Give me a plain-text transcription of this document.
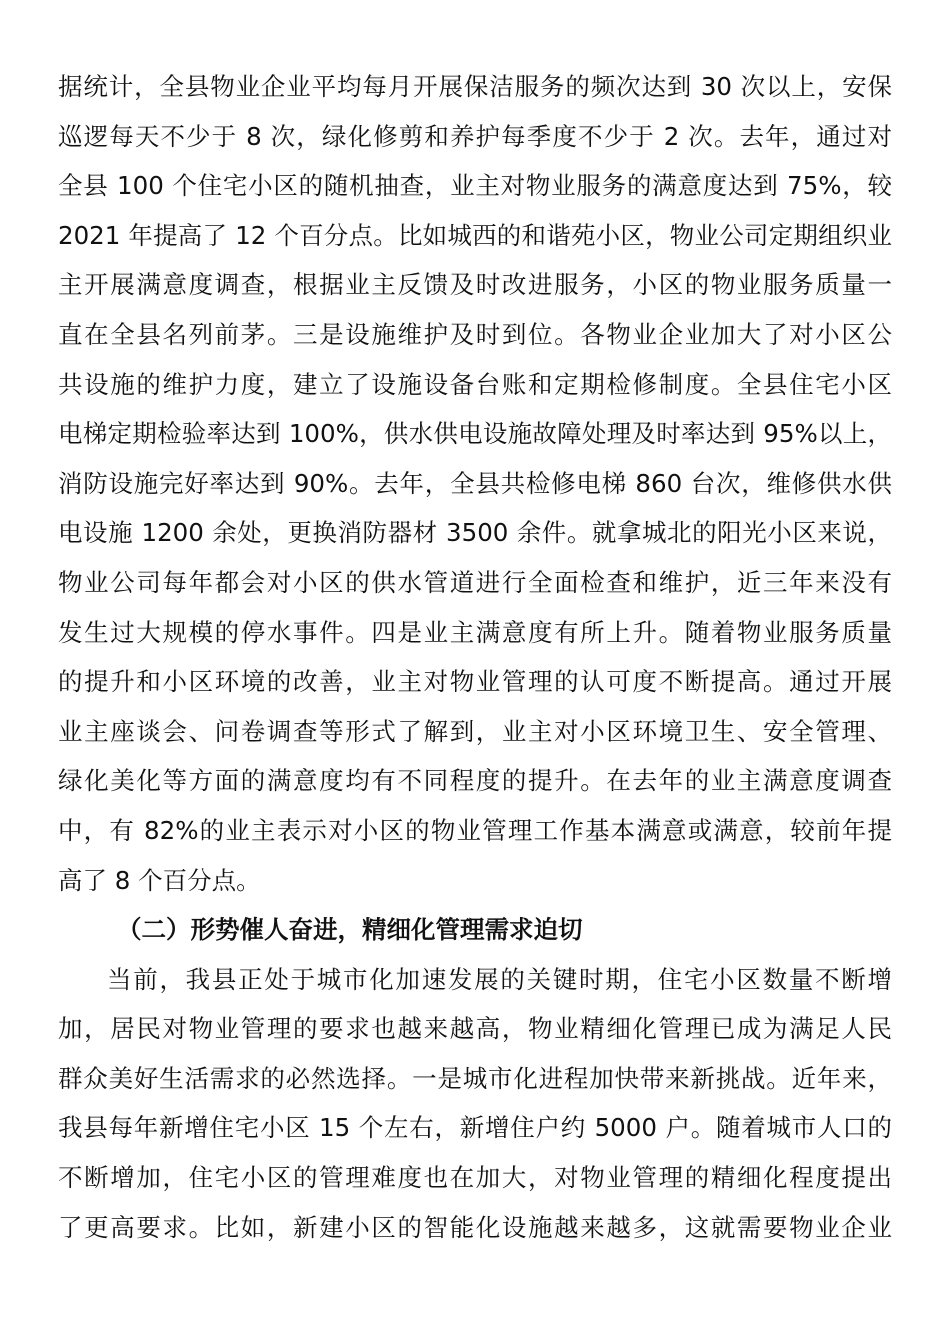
据统计，全县物业企业平均每月开展保洁服务的频次达到 30 次以上，安保
巡逻每天不少于 8 次，绿化修剪和养护每季度不少于 2 次。去年，通过对
全县 100 个住宅小区的随机抽查，业主对物业服务的满意度达到 75%，较
2021 年提高了 12 个百分点。比如城西的和谐苑小区，物业公司定期组织业
主开展满意度调查，根据业主反馈及时改进服务，小区的物业服务质量一
直在全县名列前茅。三是设施维护及时到位。各物业企业加大了对小区公
共设施的维护力度，建立了设施设备台账和定期检修制度。全县住宅小区
电梯定期检验率达到 100%，供水供电设施故障处理及时率达到 95%以上，
消防设施完好率达到 90%。去年，全县共检修电梯 860 台次，维修供水供
电设施 1200 余处，更换消防器材 3500 余件。就拿城北的阳光小区来说，
物业公司每年都会对小区的供水管道进行全面检查和维护，近三年来没有
发生过大规模的停水事件。四是业主满意度有所上升。随着物业服务质量
的提升和小区环境的改善，业主对物业管理的认可度不断提高。通过开展
业主座谈会、问卷调查等形式了解到，业主对小区环境卫生、安全管理、
绿化美化等方面的满意度均有不同程度的提升。在去年的业主满意度调查
中，有 82%的业主表示对小区的物业管理工作基本满意或满意，较前年提
高了 8 个百分点。
（二）形势催人奋进，精细化管理需求迫切
当前，我县正处于城市化加速发展的关键时期，住宅小区数量不断增
加，居民对物业管理的要求也越来越高，物业精细化管理已成为满足人民
群众美好生活需求的必然选择。一是城市化进程加快带来新挑战。近年来，
我县每年新增住宅小区 15 个左右，新增住户约 5000 户。随着城市人口的
不断增加，住宅小区的管理难度也在加大，对物业管理的精细化程度提出
了更高要求。比如，新建小区的智能化设施越来越多，这就需要物业企业
